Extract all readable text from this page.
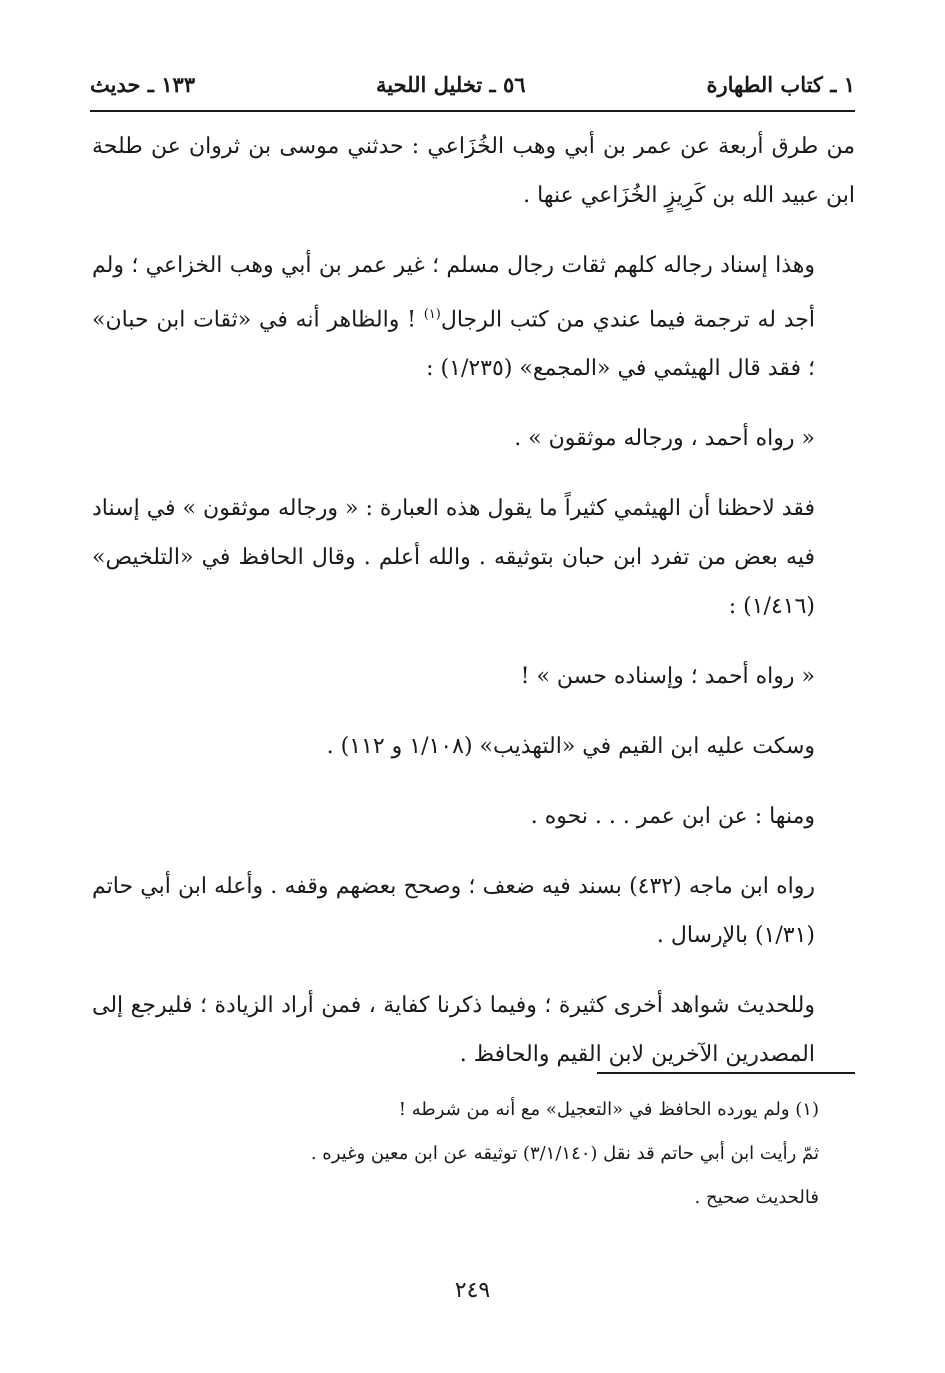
١ ـ كتاب الطهارة
٥٦ ـ تخليل اللحية
١٣٣ ـ حديث

من طرق أربعة عن عمر بن أبي وهب الخُزَاعي : حدثني موسى بن ثروان عن طلحة ابن عبيد الله بن كَرِيزٍ الخُزَاعي عنها .

وهذا إسناد رجاله كلهم ثقات رجال مسلم ؛ غير عمر بن أبي وهب الخزاعي ؛ ولم أجد له ترجمة فيما عندي من كتب الرجال$^{(١)}$ ! والظاهر أنه في «ثقات ابن حبان» ؛ فقد قال الهيثمي في «المجمع» (١/٢٣٥) :

« رواه أحمد ، ورجاله موثقون » .

فقد لاحظنا أن الهيثمي كثيراً ما يقول هذه العبارة : « ورجاله موثقون » في إسناد فيه بعض من تفرد ابن حبان بتوثيقه . والله أعلم . وقال الحافظ في «التلخيص» (١/٤١٦) :

« رواه أحمد ؛ وإسناده حسن » !

وسكت عليه ابن القيم في «التهذيب» (١/١٠٨ و ١١٢) .

ومنها : عن ابن عمر . . . نحوه .

رواه ابن ماجه (٤٣٢) بسند فيه ضعف ؛ وصحح بعضهم وقفه . وأعله ابن أبي حاتم (١/٣١) بالإرسال .

وللحديث شواهد أخرى كثيرة ؛ وفيما ذكرنا كفاية ، فمن أراد الزيادة ؛ فليرجع إلى المصدرين الآخرين لابن القيم والحافظ .

(١) ولم يورده الحافظ في «التعجيل» مع أنه من شرطه !

ثمّ رأيت ابن أبي حاتم قد نقل (٣/١/١٤٠) توثيقه عن ابن معين وغيره .

فالحديث صحيح .

٢٤٩
